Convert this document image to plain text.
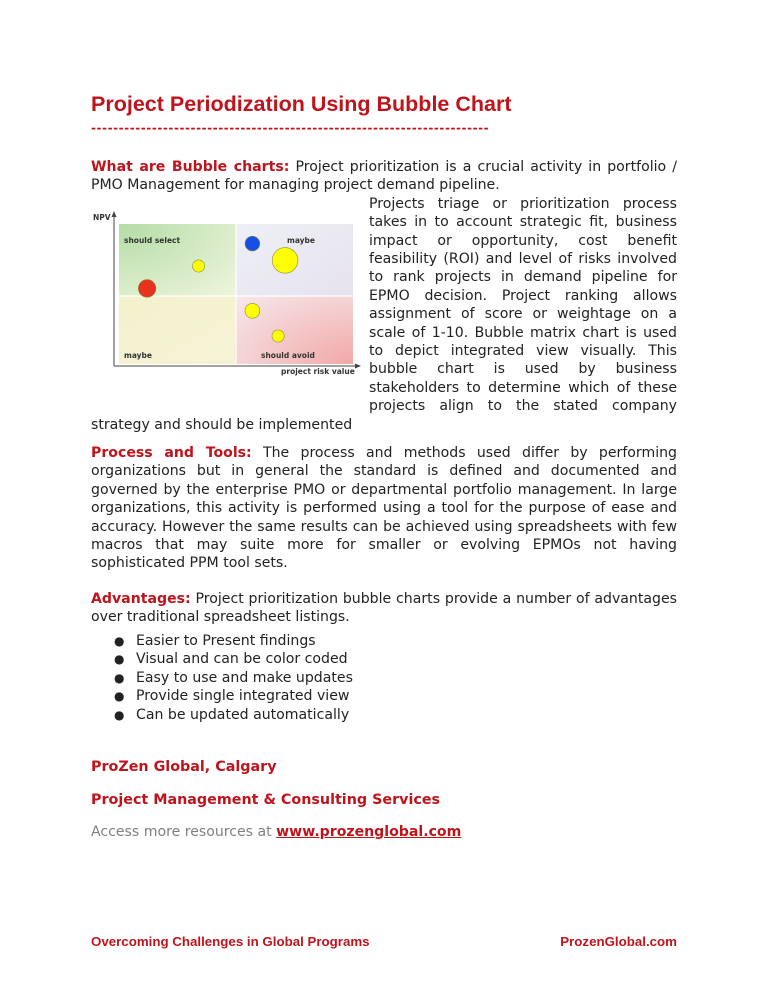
Project Periodization Using Bubble Chart
------------------------------------------------------------------------
What are Bubble charts: Project prioritization is a crucial activity in portfolio / PMO Management for managing project demand pipeline.
Projects triage or prioritization process takes in to account strategic fit, business impact or opportunity, cost benefit feasibility (ROI) and level of risks involved to rank projects in demand pipeline for EPMO decision. Project ranking allows assignment of score or weightage on a scale of 1-10. Bubble matrix chart is used to depict integrated view visually. This bubble chart is used by business stakeholders to determine which of these projects align to the stated company strategy and should be implemented
NPV
project risk value
should select	maybe
maybe	should avoid

Process and Tools: The process and methods used differ by performing organizations but in general the standard is defined and documented and governed by the enterprise PMO or departmental portfolio management. In large organizations, this activity is performed using a tool for the purpose of ease and accuracy. However the same results can be achieved using spreadsheets with few macros that may suite more for smaller or evolving EPMOs not having sophisticated PPM tool sets.

Advantages: Project prioritization bubble charts provide a number of advantages over traditional spreadsheet listings.

● Easier to Present findings
● Visual and can be color coded
● Easy to use and make updates
● Provide single integrated view
● Can be updated automatically

ProZen Global, Calgary

Project Management & Consulting Services

Access more resources at www.prozenglobal.com

Overcoming Challenges in Global Programs	ProzenGlobal.com
